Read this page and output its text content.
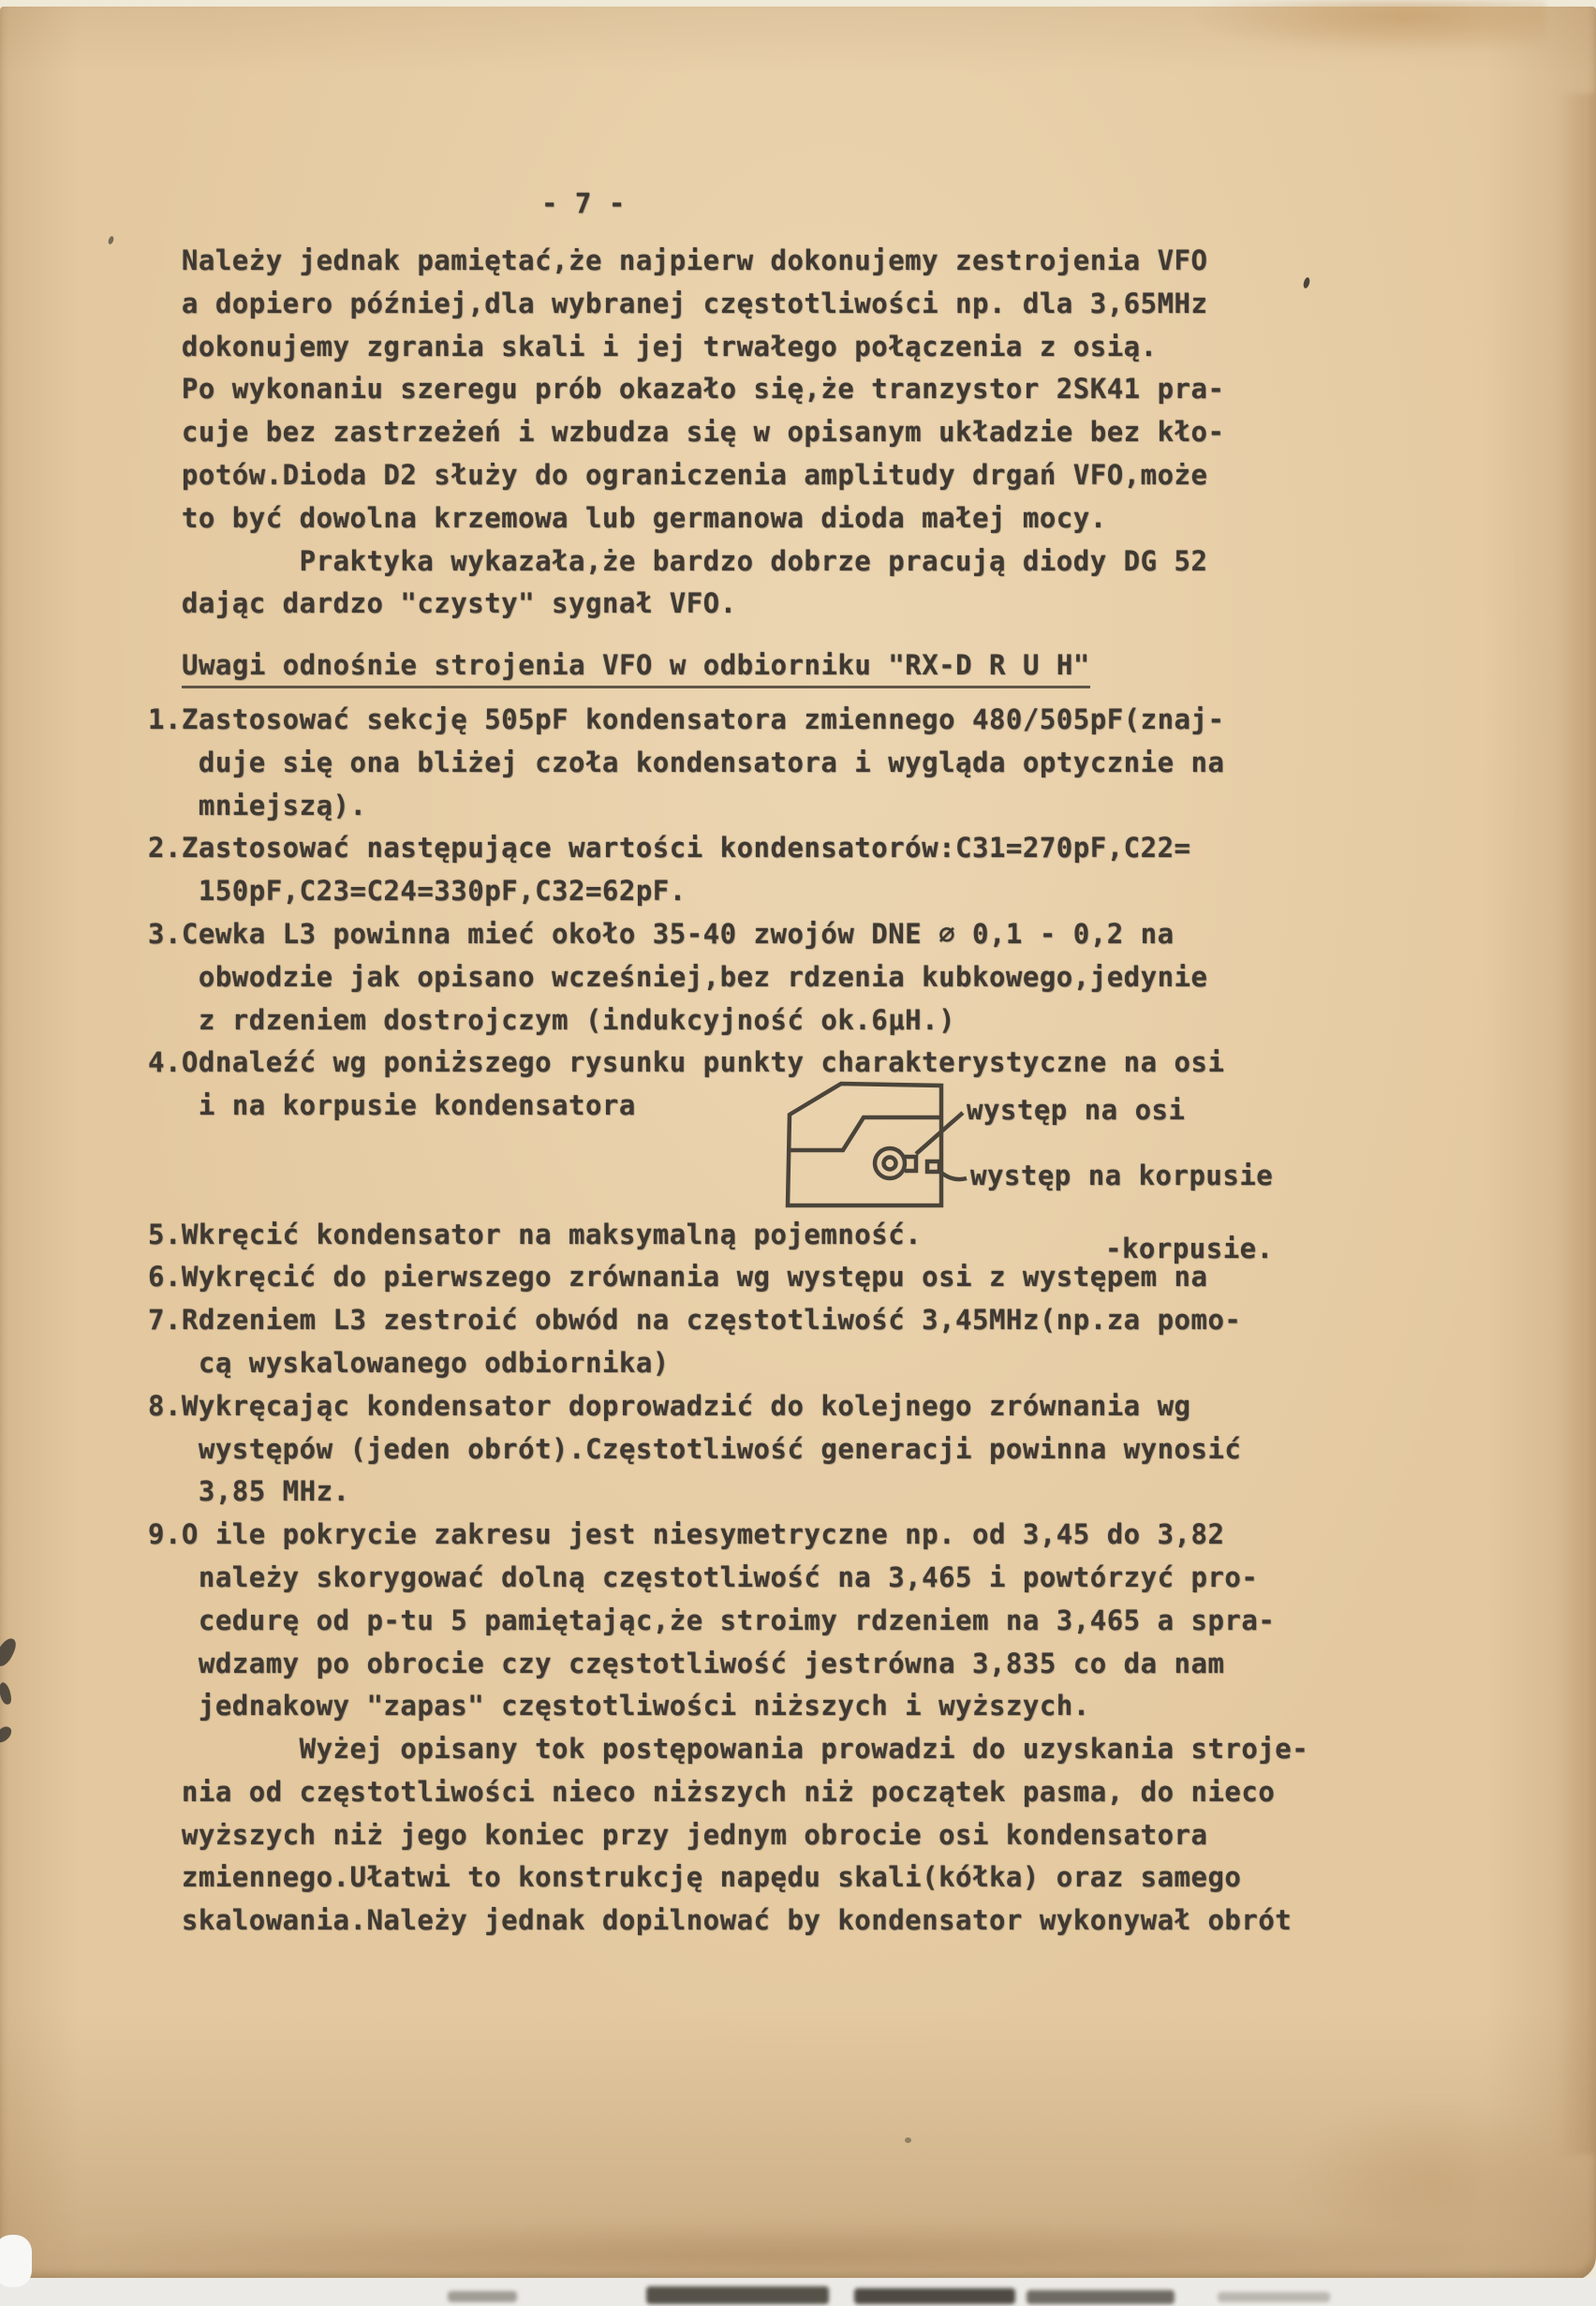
- 7 -
Należy jednak pamiętać,że najpierw dokonujemy zestrojenia VFO
a dopiero później,dla wybranej częstotliwości np. dla 3,65MHz
dokonujemy zgrania skali i jej trwałego połączenia z osią.
Po wykonaniu szeregu prób okazało się,że tranzystor 2SK41 pra-
cuje bez zastrzeżeń i wzbudza się w opisanym układzie bez kło-
potów.Dioda D2 służy do ograniczenia amplitudy drgań VFO,może
to być dowolna krzemowa lub germanowa dioda małej mocy.
Praktyka wykazała,że bardzo dobrze pracują diody DG 52
dając dardzo "czysty" sygnał VFO.
Uwagi odnośnie strojenia VFO w odbiorniku "RX-D R U H"
1.Zastosować sekcję 505pF kondensatora zmiennego 480/505pF(znaj-
duje się ona bliżej czoła kondensatora i wygląda optycznie na
mniejszą).
2.Zastosować następujące wartości kondensatorów:C31=270pF,C22=
150pF,C23=C24=330pF,C32=62pF.
3.Cewka L3 powinna mieć około 35-40 zwojów DNE ∅ 0,1 - 0,2 na
obwodzie jak opisano wcześniej,bez rdzenia kubkowego,jedynie
z rdzeniem dostrojczym (indukcyjność ok.6µH.)
4.Odnaleźć wg poniższego rysunku punkty charakterystyczne na osi
i na korpusie kondensatora
5.Wkręcić kondensator na maksymalną pojemność.
6.Wykręcić do pierwszego zrównania wg występu osi z występem na
7.Rdzeniem L3 zestroić obwód na częstotliwość 3,45MHz(np.za pomo-
cą wyskalowanego odbiornika)
8.Wykręcając kondensator doprowadzić do kolejnego zrównania wg
występów (jeden obrót).Częstotliwość generacji powinna wynosić
3,85 MHz.
9.O ile pokrycie zakresu jest niesymetryczne np. od 3,45 do 3,82
należy skorygować dolną częstotliwość na 3,465 i powtórzyć pro-
cedurę od p-tu 5 pamiętając,że stroimy rdzeniem na 3,465 a spra-
wdzamy po obrocie czy częstotliwość jestrówna 3,835 co da nam
jednakowy "zapas" częstotliwości niższych i wyższych.
Wyżej opisany tok postępowania prowadzi do uzyskania stroje-
nia od częstotliwości nieco niższych niż początek pasma, do nieco
wyższych niż jego koniec przy jednym obrocie osi kondensatora
zmiennego.Ułatwi to konstrukcję napędu skali(kółka) oraz samego
skalowania.Należy jednak dopilnować by kondensator wykonywał obrót
-korpusie.
występ na osi
występ na korpusie
